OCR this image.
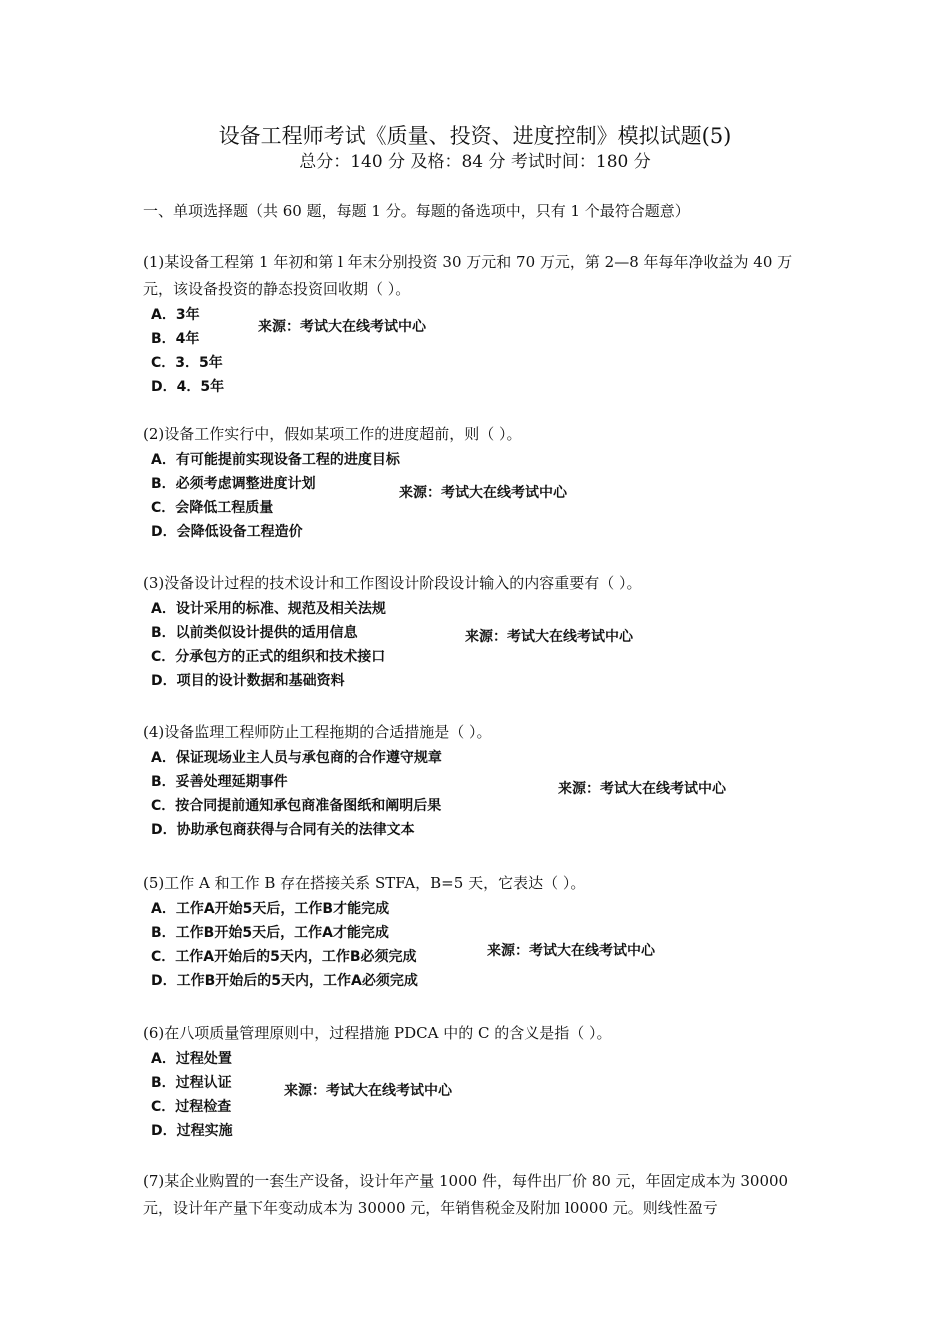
设备工程师考试《质量、投资、进度控制》模拟试题(5)
总分：140 分 及格：84 分 考试时间：180 分
一、单项选择题（共 60 题，每题 1 分。每题的备选项中，只有 1 个最符合题意）

(1)某设备工程第 1 年初和第 l 年末分别投资 30 万元和 70 万元，第 2—8 年每年净收益为 40 万元，该设备投资的静态投资回收期（ ）。

A．3年
B．4年
C．3．5年
D．4．5年
来源：考试大在线考试中心

(2)设备工作实行中，假如某项工作的进度超前，则（ ）。

A．有可能提前实现设备工程的进度目标
B．必须考虑调整进度计划
C．会降低工程质量
D．会降低设备工程造价
来源：考试大在线考试中心

(3)没备设计过程的技术设计和工作图设计阶段设计输入的内容重要有（ ）。

A．设计采用的标准、规范及相关法规
B．以前类似设计提供的适用信息
C．分承包方的正式的组织和技术接口
D．项目的设计数据和基础资料
来源：考试大在线考试中心

(4)设备监理工程师防止工程拖期的合适措施是（ ）。

A．保证现场业主人员与承包商的合作遵守规章
B．妥善处理延期事件
C．按合同提前通知承包商准备图纸和阐明后果
D．协助承包商获得与合同有关的法律文本
来源：考试大在线考试中心

(5)工作 A 和工作 B 存在搭接关系 STFA，B=5 天，它表达（ ）。

A．工作A开始5天后，工作B才能完成
B．工作B开始5天后，工作A才能完成
C．工作A开始后的5天内，工作B必须完成
D．工作B开始后的5天内，工作A必须完成
来源：考试大在线考试中心

(6)在八项质量管理原则中，过程措施 PDCA 中的 C 的含义是指（ ）。

A．过程处置
B．过程认证
C．过程检查
D．过程实施
来源：考试大在线考试中心

(7)某企业购置的一套生产设备，设计年产量 1000 件，每件出厂价 80 元，年固定成本为 30000 元，设计年产量下年变动成本为 30000 元，年销售税金及附加 l0000 元。则线性盈亏
